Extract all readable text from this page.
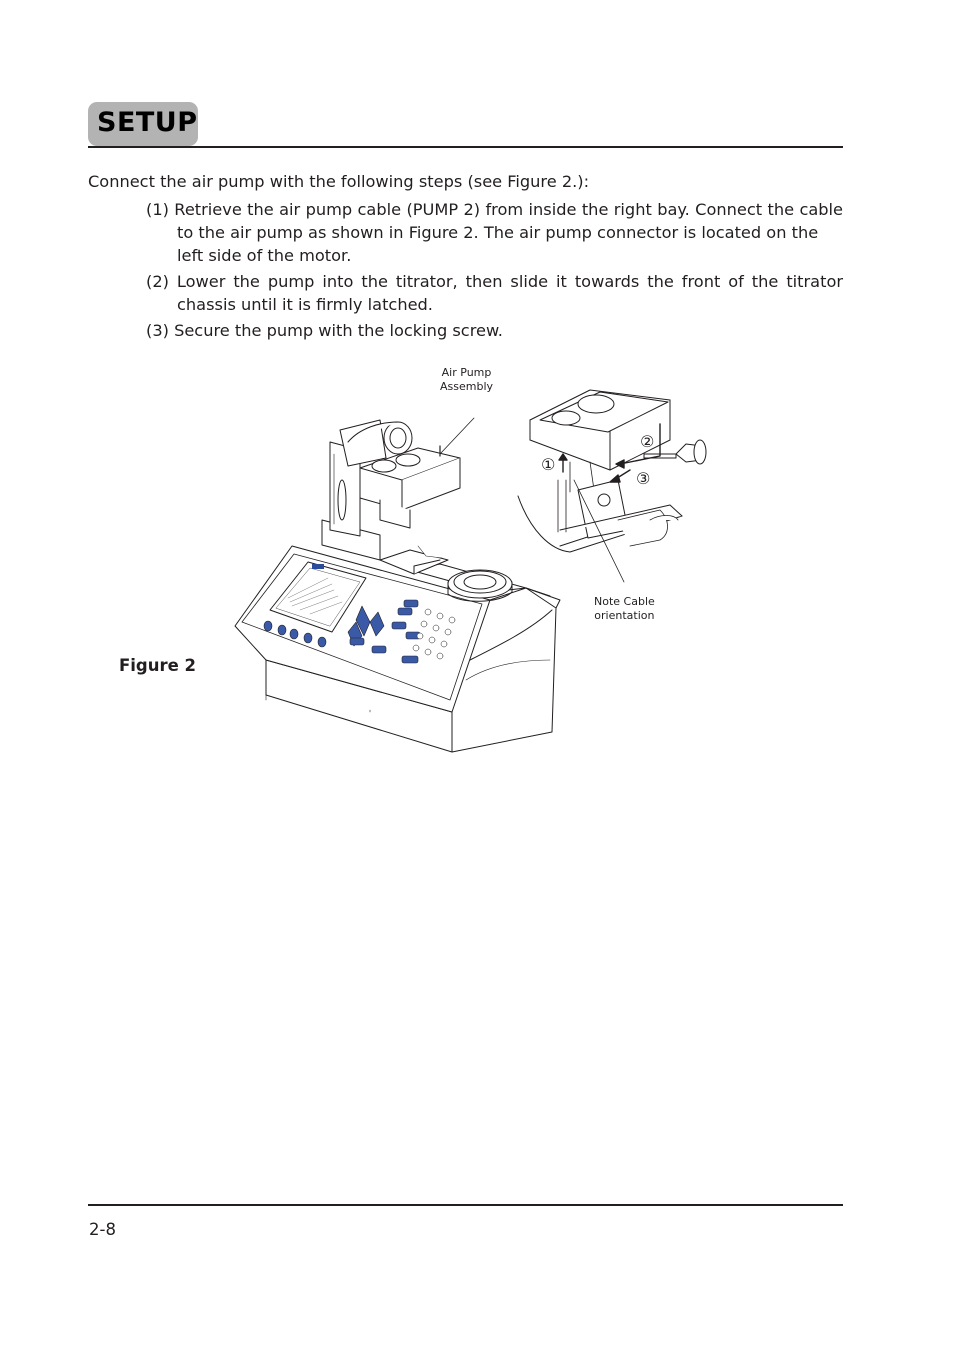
SETUP
Connect the air pump with the following steps (see Figure 2.):
(1) Retrieve the air pump cable (PUMP 2) from inside the right bay. Connect the cable
to the air pump as shown in Figure 2. The air pump connector is located on the
left side of the motor.
(2) Lower the pump into the titrator, then slide it towards the front of the titrator
chassis until it is firmly latched.
(3) Secure the pump with the locking screw.
Figure 2
Air Pump
Assembly
Note Cable
orientation
①
②
③
2-8
